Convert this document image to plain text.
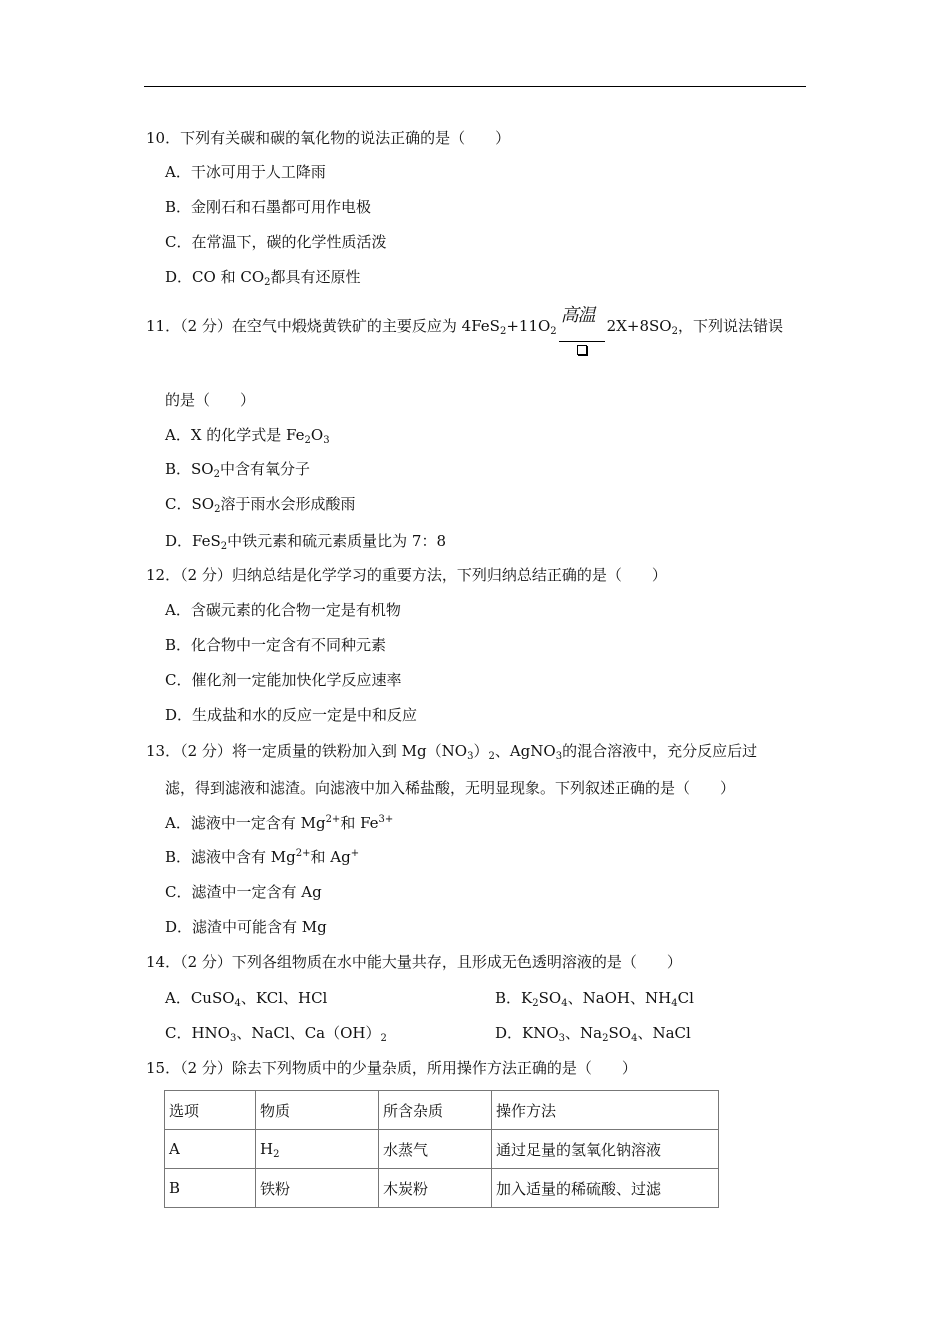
10．下列有关碳和碳的氧化物的说法正确的是（　　）
A．干冰可用于人工降雨
B．金刚石和石墨都可用作电极
C．在常温下，碳的化学性质活泼
D．CO 和 $CO_2$都具有还原性
11．（2 分）在空气中煅烧黄铁矿的主要反应为 $4FeS_2+11O_2$
高温 $2X+8SO_2$，下列说法错误
的是（　　）
A．X 的化学式是 $Fe_2O_3$
B．$SO_2$中含有氧分子
C．$SO_2$溶于雨水会形成酸雨
D．FeS$_2$中铁元素和硫元素质量比为 7：8
12．（2 分）归纳总结是化学学习的重要方法，下列归纳总结正确的是（　　）
A．含碳元素的化合物一定是有机物
B．化合物中一定含有不同种元素
C．催化剂一定能加快化学反应速率
D．生成盐和水的反应一定是中和反应
13．（2 分）将一定质量的铁粉加入到 $Mg(NO_3)_2$、AgNO$_3$的混合溶液中，充分反应后过
滤，得到滤液和滤渣。向滤液中加入稀盐酸，无明显现象。下列叙述正确的是（　　）
A．滤液中一定含有 $Mg^{2+}$和 $Fe^{3+}$
B．滤液中含有 $Mg^{2+}$和 Ag+
C．滤渣中一定含有 Ag
D．滤渣中可能含有 Mg
14．（2 分）下列各组物质在水中能大量共存，且形成无色透明溶液的是（　　）
A．CuSO$_4$、KCl、HCl	B．$K_2SO_4$、NaOH、$NH_4Cl$
C．$HNO_3$、NaCl、$Ca(OH)_2$	D．$KNO_3$、$Na_2SO_4$、NaCl
15．（2 分）除去下列物质中的少量杂质，所用操作方法正确的是（　　）
选项	物质	所含杂质	操作方法
A	$H_2$	水蒸气	通过足量的氢氧化钠溶液
B	铁粉	木炭粉	加入适量的稀硫酸、过滤
